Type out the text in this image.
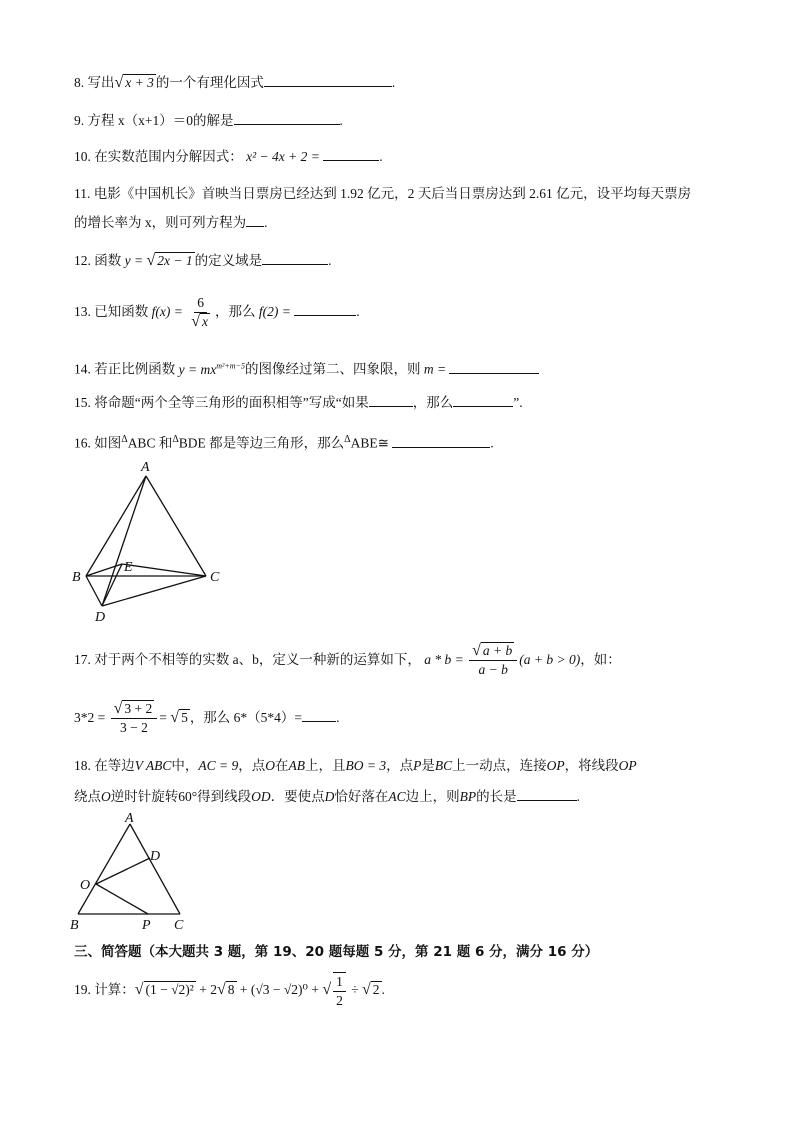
8. 写出√ x + 3 的一个有理化因式	.
9. 方程 x（x+1）＝0的解是	.
10. 在实数范围内分解因式： x² − 4x + 2 =	.
11. 电影《中国机长》首映当日票房已经达到 1.92 亿元，2 天后当日票房达到 2.61 亿元，设平均每天票房
的增长率为 x，则可列方程为 .
12. 函数 y = √ 2x − 1 的定义域是	.
13. 已知函数 $f(x) = \frac{6}{√ x}$ ，那么 f(2) =	.
14. 若正比例函数 $y = mx^{m^2+m-5}$的图像经过第二、四象限，则 m =
15. 将命题“两个全等三角形的面积相等”写成“如果	，那么	”.
16. 如图$^\Delta$ABC 和$^\Delta$BDE 都是等边三角形，那么$^\Delta$ABE≅	.
A
B	C
D
E
17. 对于两个不相等的实数 a、b，定义一种新的运算如下， $a * b = \frac{√ a + b}{a - b} (a + b > 0)$，如：
$3*2 = \frac{√ 3 + 2}{3 - 2}$ = √ 5 ，那么 6*（5*4）=	.
18. 在等边V ABC中，AC = 9，点O在AB上，且BO = 3，点P是BC上一动点，连接OP，将线段OP
绕点O逆时针旋转60°得到线段OD．要使点D恰好落在AC边上，则BP的长是	.
A
D
O
B	P C
三、简答题（本大题共 3 题，第 19、20 题每题 5 分，第 21 题 6 分，满分 16 分）
19. 计算：√ (1 − √2)² + 2√ 8 + (√3 − √2)⁰ + √ $\frac{1}{2}$ ÷ √ 2 .
